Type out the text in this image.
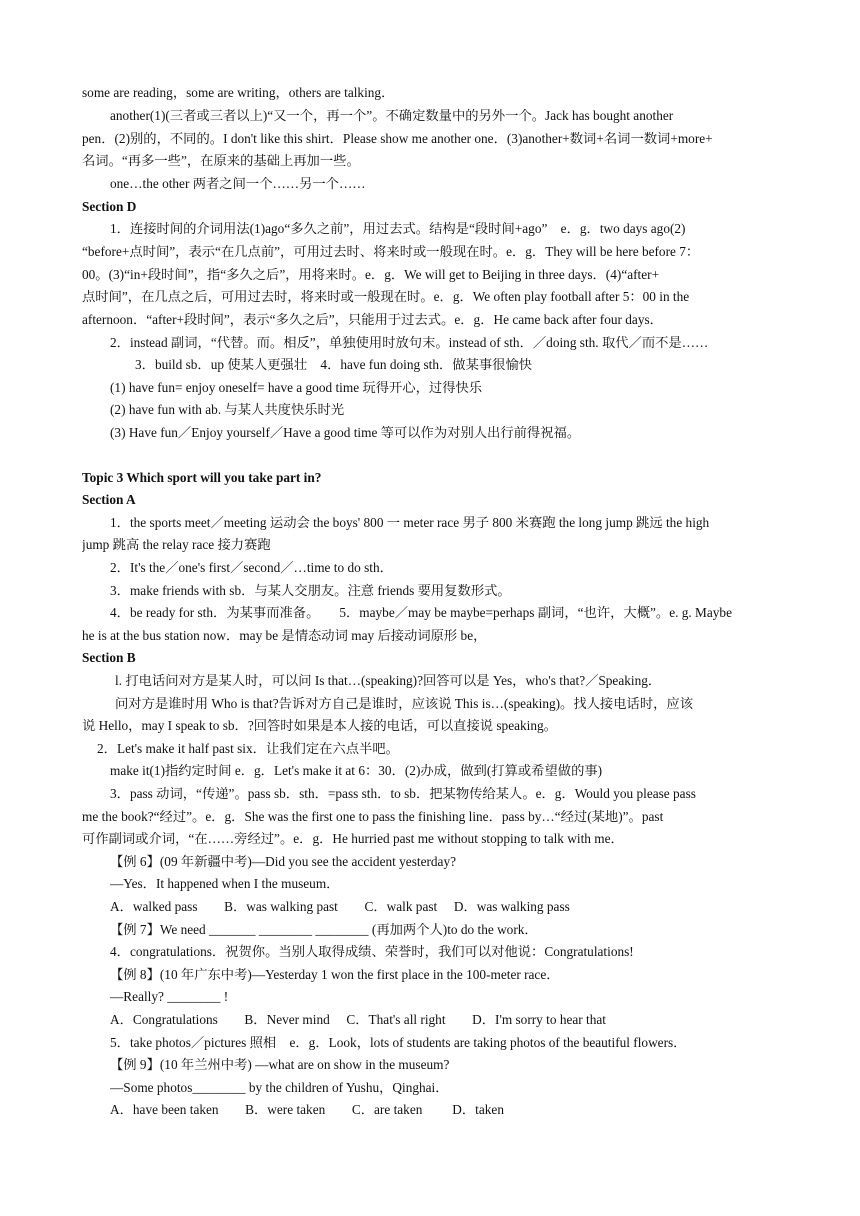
some are reading，some are writing，others are talking．
another(1)(三者或三者以上)“又一个，再一个”。不确定数量中的另外一个。Jack has bought another
pen．(2)别的，不同的。I don't like this shirt．Please show me another one．(3)another+数词+名词一数词+more+
名词。“再多一些”，在原来的基础上再加一些。
one…the other 两者之间一个……另一个……
Section D
1．连接时间的介词用法(1)ago“多久之前”，用过去式。结构是“段时间+ago”　e．g．two days ago(2)
“before+点时间”，表示“在几点前”，可用过去时、将来时或一般现在时。e．g．They will be here before 7：
00。(3)“in+段时间”，指“多久之后”，用将来时。e．g．We will get to Beijing in three days．(4)“after+
点时间”，在几点之后，可用过去时，将来时或一般现在时。e．g．We often play football after 5：00 in the
afternoon．“after+段时间”，表示“多久之后”，只能用于过去式。e．g．He came back after four days．
2．instead 副词，“代替。而。相反”，单独使用时放句末。instead of sth．／doing sth. 取代／而不是……
3．build sb．up 使某人更强壮　4．have fun doing sth．做某事很愉快
(1) have fun= enjoy oneself= have a good time 玩得开心，过得快乐
(2) have fun with ab. 与某人共度快乐时光
(3) Have fun／Enjoy yourself／Have a good time 等可以作为对别人出行前得祝福。
Topic 3 Which sport will you take part in?
Section A
1．the sports meet／meeting 运动会 the boys' 800 一 meter race 男子 800 米赛跑 the long jump 跳远 the high
jump 跳高 the relay race 接力赛跑
2．It's the／one's first／second／…time to do sth．
3．make friends with sb．与某人交朋友。注意 friends 要用复数形式。
4．be ready for sth．为某事而准备。　　5．maybe／may be maybe=perhaps 副词，“也许，大概”。e. g. Maybe
he is at the bus station now．may be 是情态动词 may 后接动词原形 be，
Section B
l. 打电话问对方是某人时，可以问 Is that…(speaking)?回答可以是 Yes，who's that?／Speaking．
问对方是谁时用 Who is that?告诉对方自己是谁时，应该说 This is…(speaking)。找人接电话时，应该
说 Hello，may I speak to sb．?回答时如果是本人接的电话，可以直接说 speaking。
2．Let's make it half past six．让我们定在六点半吧。
make it(1)指约定时间 e．g．Let's make it at 6：30．(2)办成，做到(打算或希望做的事)
3．pass 动词，“传递”。pass sb．sth．=pass sth．to sb．把某物传给某人。e．g．Would you please pass
me the book?“经过”。e．g．She was the first one to pass the finishing line．pass by…“经过(某地)”。past
可作副词或介词，“在……旁经过”。e．g．He hurried past me without stopping to talk with me．
【例 6】(09 年新疆中考)—Did you see the accident yesterday?
—Yes．It happened when I the museum．
A．walked pass　　B．was walking past　　C．walk past　 D．was walking pass
【例 7】We need _______ ________ ________ (再加两个人)to do the work．
4．congratulations．祝贺你。当别人取得成绩、荣誉时，我们可以对他说：Congratulations!
【例 8】(10 年广东中考)—Yesterday 1 won the first place in the 100-meter race．
—Really? ________ !
A．Congratulations　　B．Never mind　 C．That's all right　　D．I'm sorry to hear that
5．take photos／pictures 照相　e．g．Look，lots of students are taking photos of the beautiful flowers．
【例 9】(10 年兰州中考) —what are on show in the museum?
—Some photos________ by the children of Yushu，Qinghai．
A．have been taken　　B．were taken　　C．are taken　　 D．taken
